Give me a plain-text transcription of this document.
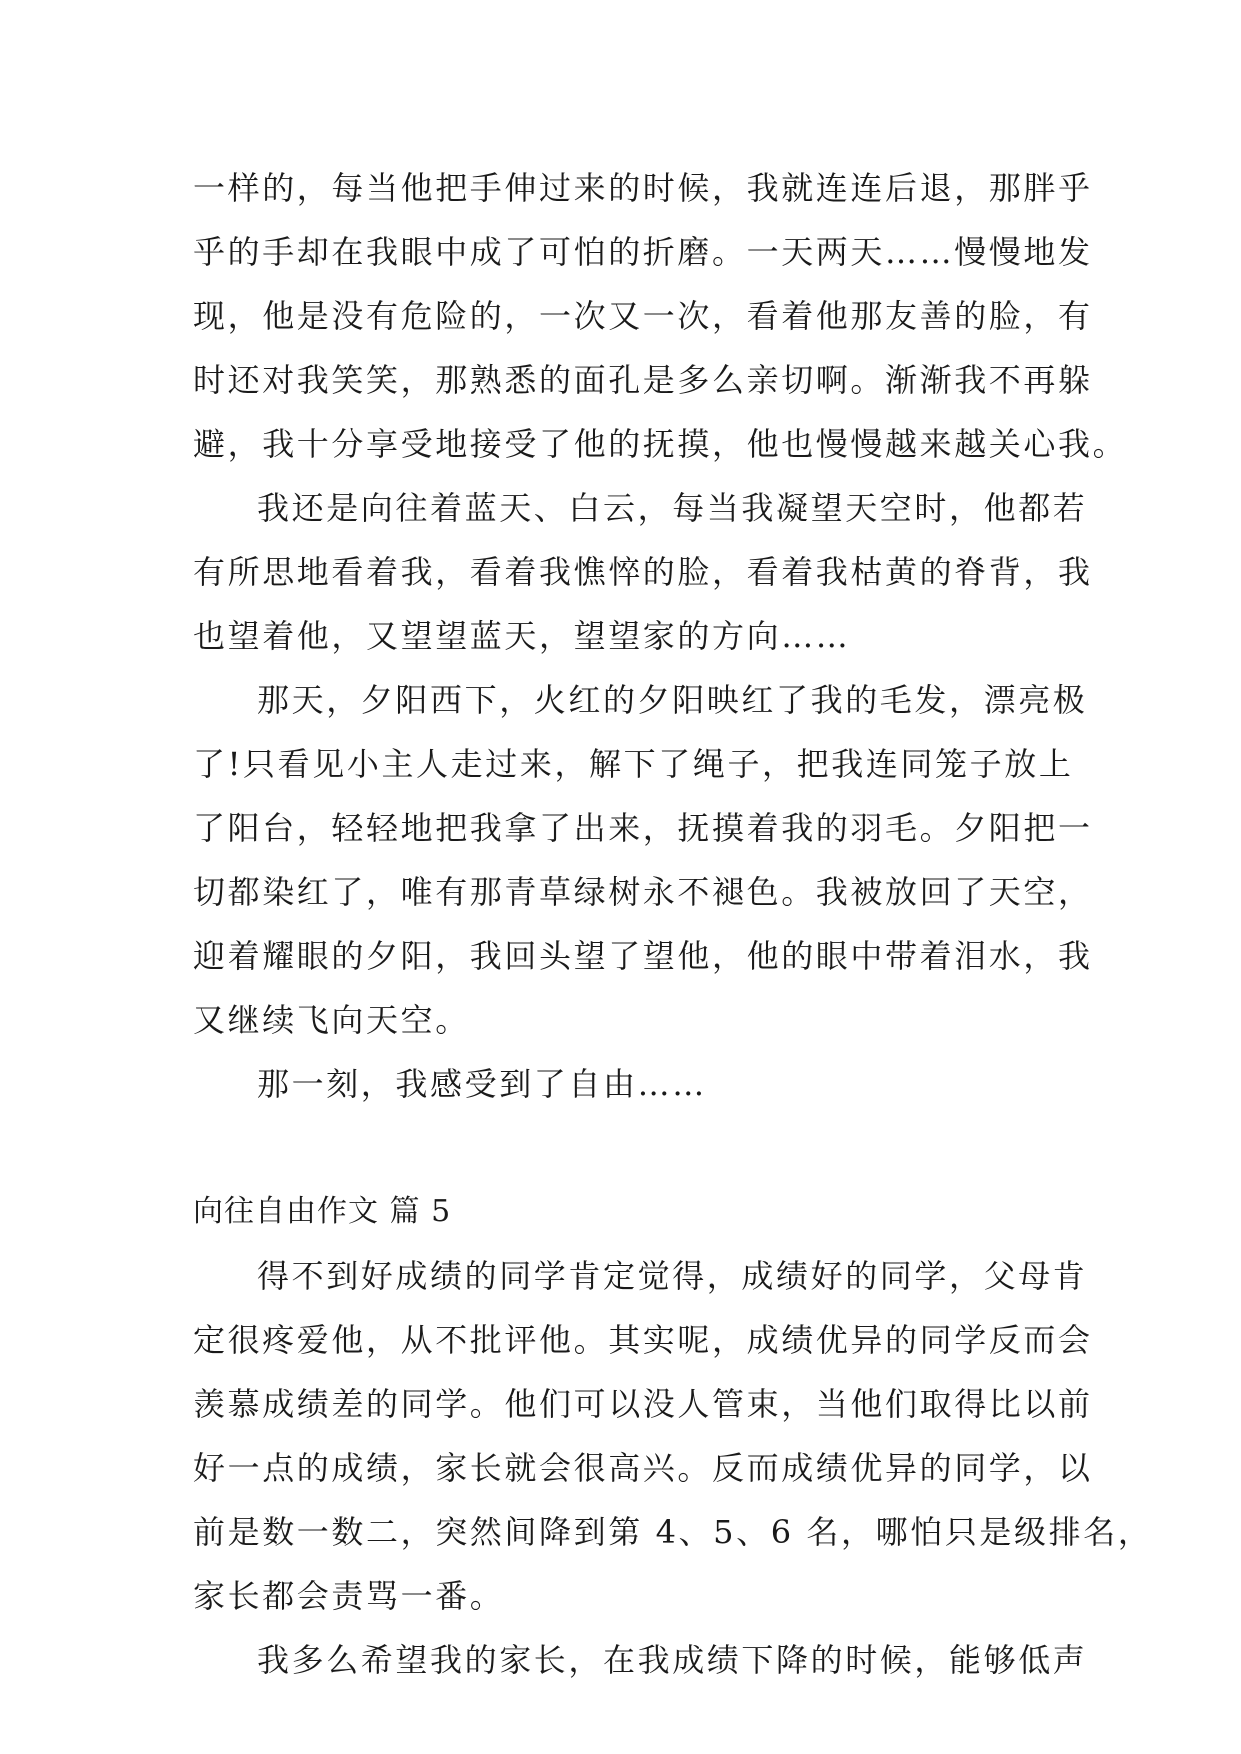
一样的，每当他把手伸过来的时候，我就连连后退，那胖乎
乎的手却在我眼中成了可怕的折磨。一天两天……慢慢地发
现，他是没有危险的，一次又一次，看着他那友善的脸，有
时还对我笑笑，那熟悉的面孔是多么亲切啊。渐渐我不再躲
避，我十分享受地接受了他的抚摸，他也慢慢越来越关心我。
我还是向往着蓝天、白云，每当我凝望天空时，他都若
有所思地看着我，看着我憔悴的脸，看着我枯黄的脊背，我
也望着他，又望望蓝天，望望家的方向……
那天，夕阳西下，火红的夕阳映红了我的毛发，漂亮极
了!只看见小主人走过来，解下了绳子，把我连同笼子放上
了阳台，轻轻地把我拿了出来，抚摸着我的羽毛。夕阳把一
切都染红了，唯有那青草绿树永不褪色。我被放回了天空，
迎着耀眼的夕阳，我回头望了望他，他的眼中带着泪水，我
又继续飞向天空。
那一刻，我感受到了自由……
向往自由作文 篇 5
得不到好成绩的同学肯定觉得，成绩好的同学，父母肯
定很疼爱他，从不批评他。其实呢，成绩优异的同学反而会
羡慕成绩差的同学。他们可以没人管束，当他们取得比以前
好一点的成绩，家长就会很高兴。反而成绩优异的同学，以
前是数一数二，突然间降到第 4、5、6 名，哪怕只是级排名，
家长都会责骂一番。
我多么希望我的家长，在我成绩下降的时候，能够低声
